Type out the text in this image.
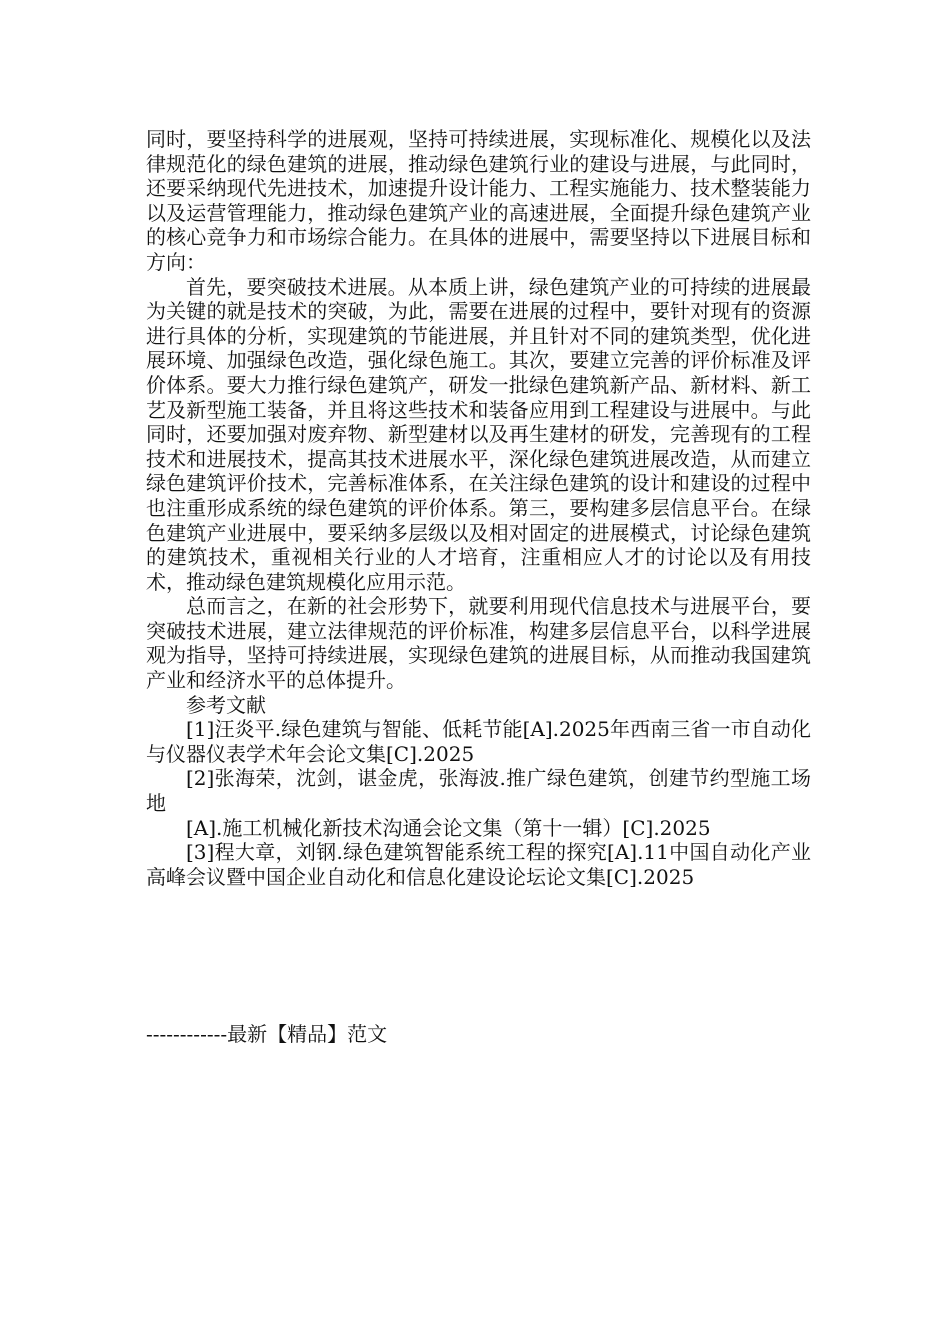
同时，要坚持科学的进展观，坚持可持续进展，实现标准化、规模化以及法律规范化的绿色建筑的进展，推动绿色建筑行业的建设与进展，与此同时，还要采纳现代先进技术，加速提升设计能力、工程实施能力、技术整装能力以及运营管理能力，推动绿色建筑产业的高速进展，全面提升绿色建筑产业的核心竞争力和市场综合能力。在具体的进展中，需要坚持以下进展目标和方向：

首先，要突破技术进展。从本质上讲，绿色建筑产业的可持续的进展最为关键的就是技术的突破，为此，需要在进展的过程中，要针对现有的资源进行具体的分析，实现建筑的节能进展，并且针对不同的建筑类型，优化进展环境、加强绿色改造，强化绿色施工。其次，要建立完善的评价标准及评价体系。要大力推行绿色建筑产，研发一批绿色建筑新产品、新材料、新工艺及新型施工装备，并且将这些技术和装备应用到工程建设与进展中。与此同时，还要加强对废弃物、新型建材以及再生建材的研发，完善现有的工程技术和进展技术，提高其技术进展水平，深化绿色建筑进展改造，从而建立绿色建筑评价技术，完善标准体系，在关注绿色建筑的设计和建设的过程中也注重形成系统的绿色建筑的评价体系。第三，要构建多层信息平台。在绿色建筑产业进展中，要采纳多层级以及相对固定的进展模式，讨论绿色建筑的建筑技术，重视相关行业的人才培育，注重相应人才的讨论以及有用技术，推动绿色建筑规模化应用示范。

总而言之，在新的社会形势下，就要利用现代信息技术与进展平台，要突破技术进展，建立法律规范的评价标准，构建多层信息平台，以科学进展观为指导，坚持可持续进展，实现绿色建筑的进展目标，从而推动我国建筑产业和经济水平的总体提升。

参考文献

[1]汪炎平.绿色建筑与智能、低耗节能[A].2025年西南三省一市自动化与仪器仪表学术年会论文集[C].2025

[2]张海荣，沈剑，谌金虎，张海波.推广绿色建筑，创建节约型施工场地

[A].施工机械化新技术沟通会论文集（第十一辑）[C].2025

[3]程大章，刘钢.绿色建筑智能系统工程的探究[A].11中国自动化产业高峰会议暨中国企业自动化和信息化建设论坛论文集[C].2025

------------最新【精品】范文
